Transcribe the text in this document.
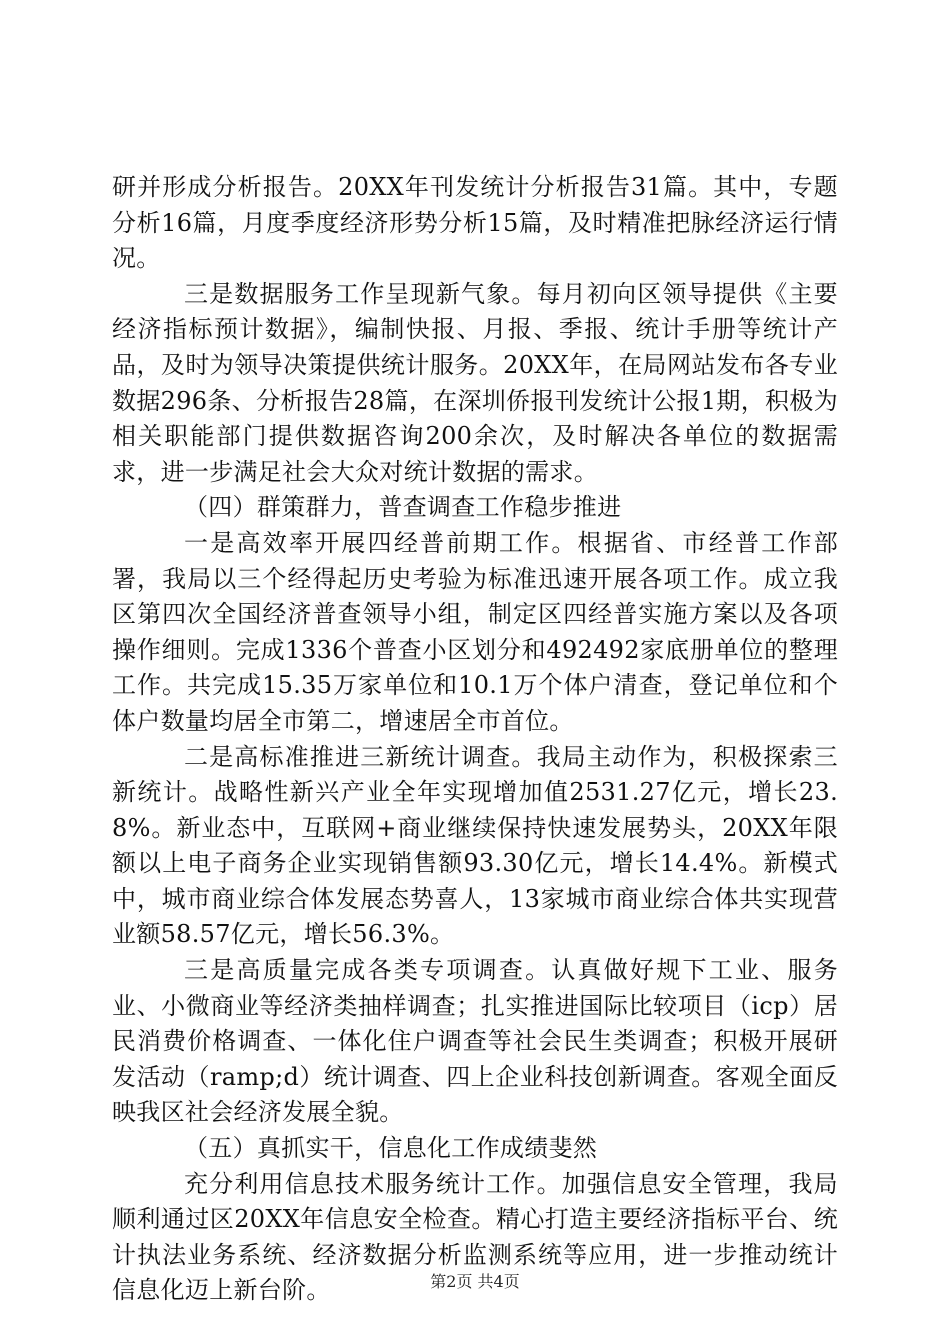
研并形成分析报告。20XX年刊发统计分析报告31篇。其中，专题分析16篇，月度季度经济形势分析15篇，及时精准把脉经济运行情况。

三是数据服务工作呈现新气象。每月初向区领导提供《主要经济指标预计数据》，编制快报、月报、季报、统计手册等统计产品，及时为领导决策提供统计服务。20XX年，在局网站发布各专业数据296条、分析报告28篇，在深圳侨报刊发统计公报1期，积极为相关职能部门提供数据咨询200余次，及时解决各单位的数据需求，进一步满足社会大众对统计数据的需求。

（四）群策群力，普查调查工作稳步推进

一是高效率开展四经普前期工作。根据省、市经普工作部署，我局以三个经得起历史考验为标准迅速开展各项工作。成立我区第四次全国经济普查领导小组，制定区四经普实施方案以及各项操作细则。完成1336个普查小区划分和492492家底册单位的整理工作。共完成15.35万家单位和10.1万个体户清查，登记单位和个体户数量均居全市第二，增速居全市首位。

二是高标准推进三新统计调查。我局主动作为，积极探索三新统计。战略性新兴产业全年实现增加值2531.27亿元，增长23.8%。新业态中，互联网+商业继续保持快速发展势头，20XX年限额以上电子商务企业实现销售额93.30亿元，增长14.4%。新模式中，城市商业综合体发展态势喜人，13家城市商业综合体共实现营业额58.57亿元，增长56.3%。

三是高质量完成各类专项调查。认真做好规下工业、服务业、小微商业等经济类抽样调查；扎实推进国际比较项目（icp）居民消费价格调查、一体化住户调查等社会民生类调查；积极开展研发活动（ramp;d）统计调查、四上企业科技创新调查。客观全面反映我区社会经济发展全貌。

（五）真抓实干，信息化工作成绩斐然

充分利用信息技术服务统计工作。加强信息安全管理，我局顺利通过区20XX年信息安全检查。精心打造主要经济指标平台、统计执法业务系统、经济数据分析监测系统等应用，进一步推动统计信息化迈上新台阶。	第2页 共4页
